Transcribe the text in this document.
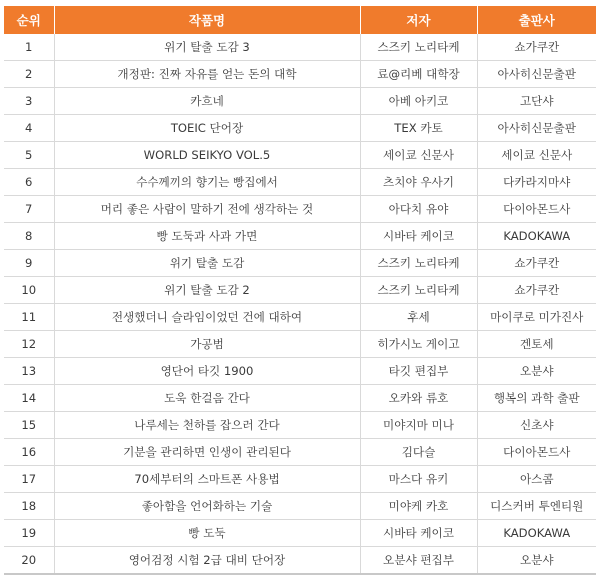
순위	작품명	저자	출판사
1	위기 탈출 도감 3	스즈키 노리타케	쇼가쿠칸
2	개정판: 진짜 자유를 얻는 돈의 대학	료@리베 대학장	아사히신문출판
3	카흐네	아베 아키코	고단샤
4	TOEIC 단어장	TEX 카토	아사히신문출판
5	WORLD SEIKYO VOL.5	세이쿄 신문사	세이쿄 신문사
6	수수께끼의 향기는 빵집에서	츠치야 우사기	다카라지마샤
7	머리 좋은 사람이 말하기 전에 생각하는 것	아다치 유야	다이아몬드사
8	빵 도둑과 사과 가면	시바타 케이코	KADOKAWA
9	위기 탈출 도감	스즈키 노리타케	쇼가쿠칸
10	위기 탈출 도감 2	스즈키 노리타케	쇼가쿠칸
11	전생했더니 슬라임이었던 건에 대하여	후세	마이쿠로 미가진사
12	가공범	히가시노 게이고	겐토세
13	영단어 타깃 1900	타깃 편집부	오분샤
14	도욱 한걸음 간다	오카와 류호	행복의 과학 출판
15	나루세는 천하를 잡으러 간다	미야지마 미나	신초샤
16	기분을 관리하면 인생이 관리된다	김다슬	다이아몬드사
17	70세부터의 스마트폰 사용법	마스다 유키	아스콤
18	좋아함을 언어화하는 기술	미야케 카호	디스커버 투엔티원
19	빵 도둑	시바타 케이코	KADOKAWA
20	영어검정 시험 2급 대비 단어장	오분샤 편집부	오분샤
